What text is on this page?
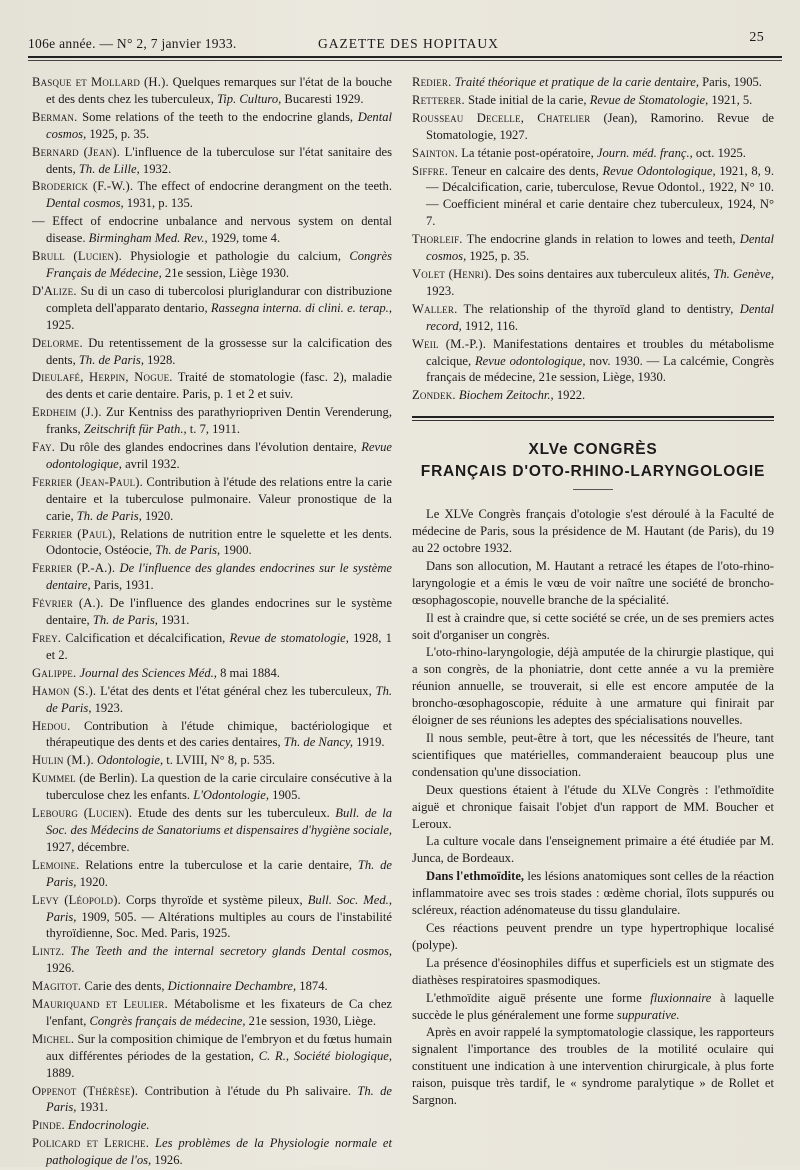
106e année. — N° 2, 7 janvier 1933.	GAZETTE DES HOPITAUX	25

Basque et Mollard (H.). Quelques remarques sur l'état de la bouche et des dents chez les tuberculeux, Tip. Culturo, Bucaresti 1929.

Berman. Some relations of the teeth to the endocrine glands, Dental cosmos, 1925, p. 35.

Bernard (Jean). L'influence de la tuberculose sur l'état sanitaire des dents, Th. de Lille, 1932.

Broderick (F.-W.). The effect of endocrine derangment on the teeth. Dental cosmos, 1931, p. 135.

— Effect of endocrine unbalance and nervous system on dental disease. Birmingham Med. Rev., 1929, tome 4.

Brull (Lucien). Physiologie et pathologie du calcium, Congrès Français de Médecine, 21e session, Liège 1930.

D'Alize. Su di un caso di tubercolosi pluriglandurar con distribuzione completa dell'apparato dentario, Rassegna interna. di clini. e. terap., 1925.

Delorme. Du retentissement de la grossesse sur la calcification des dents, Th. de Paris, 1928.

Dieulafé, Herpin, Nogue. Traité de stomatologie (fasc. 2), maladie des dents et carie dentaire. Paris, p. 1 et 2 et suiv.

Erdheim (J.). Zur Kentniss des parathyriopriven Dentin Verenderung, franks, Zeitschrift für Path., t. 7, 1911.

Fay. Du rôle des glandes endocrines dans l'évolution dentaire, Revue odontologique, avril 1932.

Ferrier (Jean-Paul). Contribution à l'étude des relations entre la carie dentaire et la tuberculose pulmonaire. Valeur pronostique de la carie, Th. de Paris, 1920.

Ferrier (Paul), Relations de nutrition entre le squelette et les dents. Odontocie, Ostéocie, Th. de Paris, 1900.

Ferrier (P.-A.). De l'influence des glandes endocrines sur le système dentaire, Paris, 1931.

Février (A.). De l'influence des glandes endocrines sur le système dentaire, Th. de Paris, 1931.

Frey. Calcification et décalcification, Revue de stomatologie, 1928, 1 et 2.

Galippe. Journal des Sciences Méd., 8 mai 1884.

Hamon (S.). L'état des dents et l'état général chez les tuberculeux, Th. de Paris, 1923.

Hedou. Contribution à l'étude chimique, bactériologique et thérapeutique des dents et des caries dentaires, Th. de Nancy, 1919.

Hulin (M.). Odontologie, t. LVIII, N° 8, p. 535.

Kummel (de Berlin). La question de la carie circulaire consécutive à la tuberculose chez les enfants. L'Odontologie, 1905.

Lebourg (Lucien). Etude des dents sur les tuberculeux. Bull. de la Soc. des Médecins de Sanatoriums et dispensaires d'hygiène sociale, 1927, décembre.

Lemoine. Relations entre la tuberculose et la carie dentaire, Th. de Paris, 1920.

Levy (Léopold). Corps thyroïde et système pileux, Bull. Soc. Med., Paris, 1909, 505. — Altérations multiples au cours de l'instabilité thyroïdienne, Soc. Med. Paris, 1925.

Lintz. The Teeth and the internal secretory glands Dental cosmos, 1926.

Magitot. Carie des dents, Dictionnaire Dechambre, 1874.

Mauriquand et Leulier. Métabolisme et les fixateurs de Ca chez l'enfant, Congrès français de médecine, 21e session, 1930, Liège.

Michel. Sur la composition chimique de l'embryon et du fœtus humain aux différentes périodes de la gestation, C. R., Société biologique, 1889.

Oppenot (Thérèse). Contribution à l'étude du Ph salivaire. Th. de Paris, 1931.

Pinde. Endocrinologie.

Policard et Leriche. Les problèmes de la Physiologie normale et pathologique de l'os, 1926.

Redier. Traité théorique et pratique de la carie dentaire, Paris, 1905.

Retterer. Stade initial de la carie, Revue de Stomatologie, 1921, 5.

Rousseau Decelle, Chatelier (Jean), Ramorino. Revue de Stomatologie, 1927.

Sainton. La tétanie post-opératoire, Journ. méd. franç., oct. 1925.

Siffre. Teneur en calcaire des dents, Revue Odontologique, 1921, 8, 9. — Décalcification, carie, tuberculose, Revue Odontol., 1922, N° 10. — Coefficient minéral et carie dentaire chez tuberculeux, 1924, N° 7.

Thorleif. The endocrine glands in relation to lowes and teeth, Dental cosmos, 1925, p. 35.

Volet (Henri). Des soins dentaires aux tuberculeux alités, Th. Genève, 1923.

Waller. The relationship of the thyroïd gland to dentistry, Dental record, 1912, 116.

Weil (M.-P.). Manifestations dentaires et troubles du métabolisme calcique, Revue odontologique, nov. 1930. — La calcémie, Congrès français de médecine, 21e session, Liège, 1930.

Zondek. Biochem Zeitochr., 1922.

XLVe CONGRÈS
FRANÇAIS D'OTO-RHINO-LARYNGOLOGIE

Le XLVe Congrès français d'otologie s'est déroulé à la Faculté de médecine de Paris, sous la présidence de M. Hautant (de Paris), du 19 au 22 octobre 1932.

Dans son allocution, M. Hautant a retracé les étapes de l'oto-rhino-laryngologie et a émis le vœu de voir naître une société de broncho-œsophagoscopie, nouvelle branche de la spécialité.

Il est à craindre que, si cette société se crée, un de ses premiers actes soit d'organiser un congrès.

L'oto-rhino-laryngologie, déjà amputée de la chirurgie plastique, qui a son congrès, de la phoniatrie, dont cette année a vu la première réunion annuelle, se trouverait, si elle est encore amputée de la broncho-œsophagoscopie, réduite à une armature qui finirait par éloigner de ses réunions les adeptes des spécialisations nouvelles.

Il nous semble, peut-être à tort, que les nécessités de l'heure, tant scientifiques que matérielles, commanderaient beaucoup plus une condensation qu'une dissociation.

Deux questions étaient à l'étude du XLVe Congrès : l'ethmoïdite aiguë et chronique faisait l'objet d'un rapport de MM. Boucher et Leroux.

La culture vocale dans l'enseignement primaire a été étudiée par M. Junca, de Bordeaux.

Dans l'ethmoïdite, les lésions anatomiques sont celles de la réaction inflammatoire avec ses trois stades : œdème chorial, îlots suppurés ou scléreux, réaction adénomateuse du tissu glandulaire.

Ces réactions peuvent prendre un type hypertrophique localisé (polype).

La présence d'éosinophiles diffus et superficiels est un stigmate des diathèses respiratoires spasmodiques.

L'ethmoïdite aiguë présente une forme fluxionnaire à laquelle succède le plus généralement une forme suppurative.

Après en avoir rappelé la symptomatologie classique, les rapporteurs signalent l'importance des troubles de la motilité oculaire qui constituent une indication à une intervention chirurgicale, à plus forte raison, puisque très tardif, le « syndrome paralytique » de Rollet et Sargnon.
